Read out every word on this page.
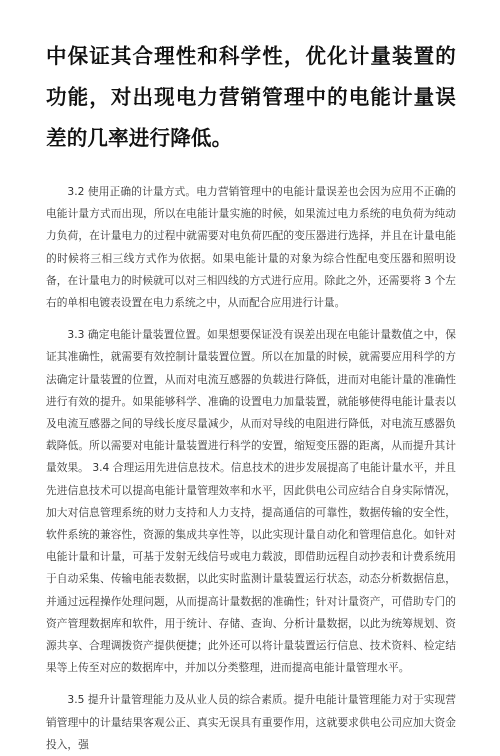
中保证其合理性和科学性，优化计量装置的功能，对出现电力营销管理中的电能计量误差的几率进行降低。

3.2 使用正确的计量方式。电力营销管理中的电能计量误差也会因为应用不正确的电能计量方式而出现，所以在电能计量实施的时候，如果流过电力系统的电负荷为纯动力负荷，在计量电力的过程中就需要对电负荷匹配的变压器进行选择，并且在计量电能的时候将三相三线方式作为依据。如果电能计量的对象为综合性配电变压器和照明设备，在计量电力的时候就可以对三相四线的方式进行应用。除此之外，还需要将 3 个左右的单相电镀表设置在电力系统之中，从而配合应用进行计量。

3.3 确定电能计量装置位置。如果想要保证没有误差出现在电能计量数值之中，保证其准确性，就需要有效控制计量装置位置。所以在加量的时候，就需要应用科学的方法确定计量装置的位置，从而对电流互感器的负载进行降低，进而对电能计量的准确性进行有效的提升。如果能够科学、准确的设置电力加量装置，就能够使得电能计量表以及电流互感器之间的导线长度尽量减少，从而对导线的电阻进行降低，对电流互感器负载降低。所以需要对电能计量装置进行科学的安置，缩短变压器的距离，从而提升其计量效果。 3.4 合理运用先进信息技术。信息技术的进步发展提高了电能计量水平，并且先进信息技术可以提高电能计量管理效率和水平，因此供电公司应结合自身实际情况，加大对信息管理系统的财力支持和人力支持，提高通信的可靠性，数据传输的安全性，软件系统的兼容性，资源的集成共享性等，以此实现计量自动化和管理信息化。如针对电能计量和计量，可基于发射无线信号或电力载波，即借助远程自动抄表和计费系统用于自动采集、传输电能表数据，以此实时监测计量装置运行状态，动态分析数据信息，并通过远程操作处理问题，从而提高计量数据的准确性；针对计量资产，可借助专门的资产管理数据库和软件，用于统计、存储、查询、分析计量数据，以此为统筹规划、资源共享、合理调拨资产提供便捷；此外还可以将计量装置运行信息、技术资料、检定结果等上传至对应的数据库中，并加以分类整理，进而提高电能计量管理水平。

3.5 提升计量管理能力及从业人员的综合素质。提升电能计量管理能力对于实现营销管理中的计量结果客观公正、真实无误具有重要作用，这就要求供电公司应加大资金投入，强
